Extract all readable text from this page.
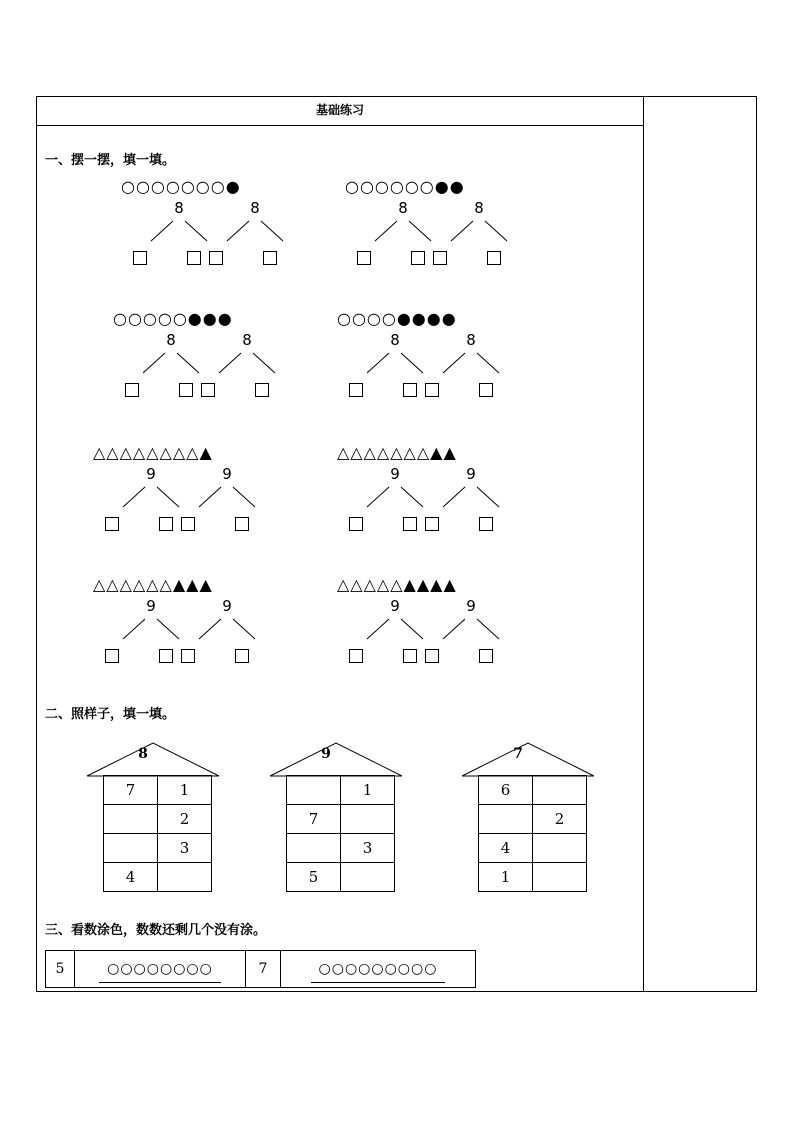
基础练习
一、摆一摆，填一填。
○○○○○○○●
8	8
○○○○○○●●
8	8
○○○○○●●●
8	8
○○○○●●●●
8	8
△△△△△△△△▲
9	9
△△△△△△△▲▲
9	9
△△△△△△▲▲▲
9	9
△△△△△▲▲▲▲
9	9
二、照样子，填一填。
8
7	1
	2
	3
4	
9
	1
7	
	3
5	
7
6	
	2
4	
1	
三、看数涂色，数数还剩几个没有涂。
5	○○○○○○○○	7	○○○○○○○○○
